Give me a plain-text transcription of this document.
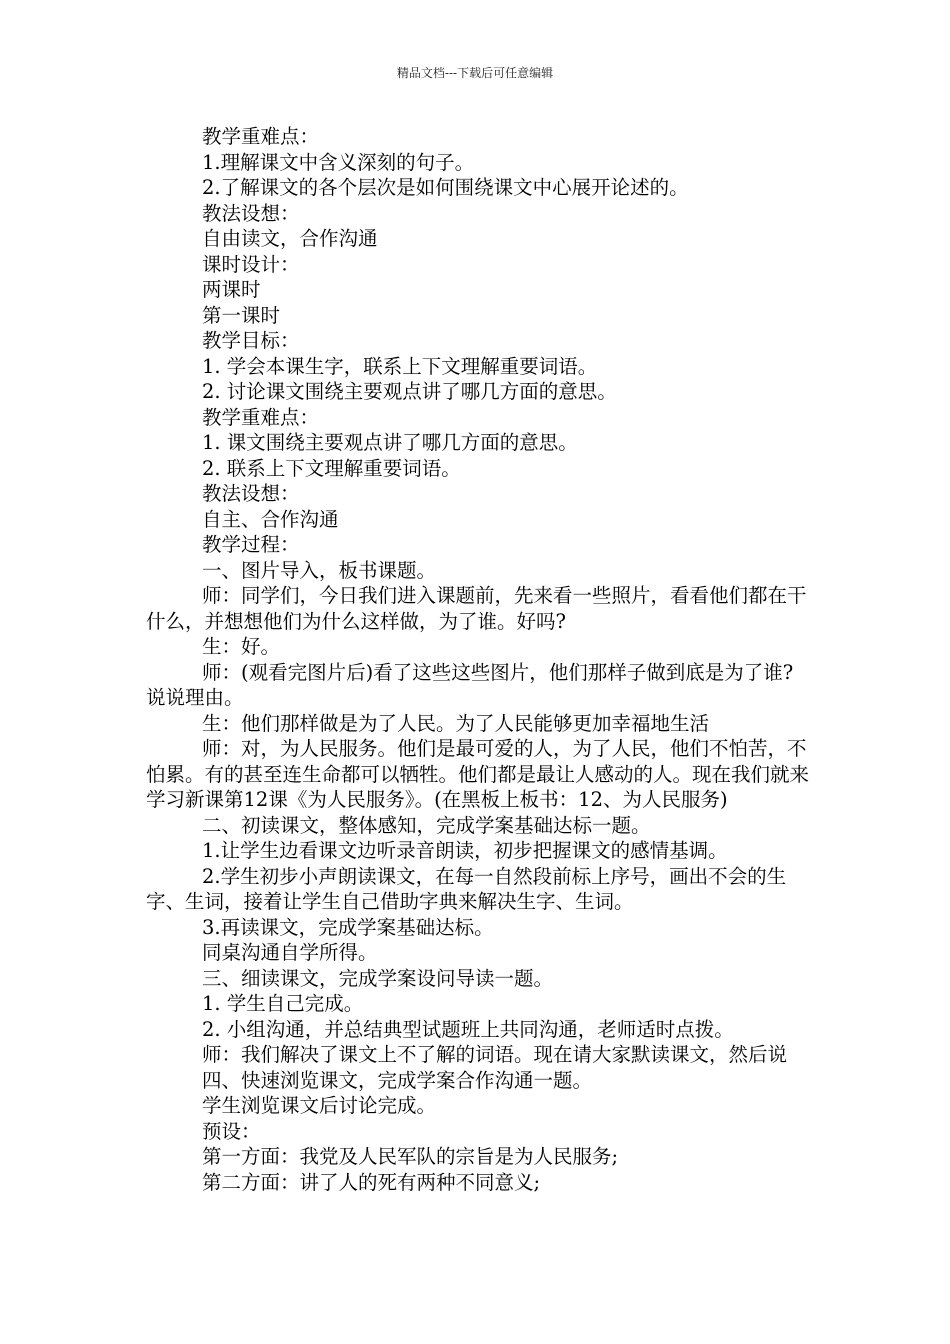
精品文档---下载后可任意编辑

教学重难点：

1.理解课文中含义深刻的句子。

2.了解课文的各个层次是如何围绕课文中心展开论述的。

教法设想：

自由读文，合作沟通

课时设计：

两课时

第一课时

教学目标：

1. 学会本课生字，联系上下文理解重要词语。

2. 讨论课文围绕主要观点讲了哪几方面的意思。

教学重难点：

1. 课文围绕主要观点讲了哪几方面的意思。

2. 联系上下文理解重要词语。

教法设想：

自主、合作沟通

教学过程：

一、图片导入，板书课题。

师：同学们，今日我们进入课题前，先来看一些照片，看看他们都在干什么，并想想他们为什么这样做，为了谁。好吗?

生：好。

师：(观看完图片后)看了这些这些图片，他们那样子做到底是为了谁?说说理由。

生：他们那样做是为了人民。为了人民能够更加幸福地生活

师：对，为人民服务。他们是最可爱的人，为了人民，他们不怕苦，不怕累。有的甚至连生命都可以牺牲。他们都是最让人感动的人。现在我们就来学习新课第12课《为人民服务》。(在黑板上板书：12、为人民服务)

二、初读课文，整体感知，完成学案基础达标一题。

1.让学生边看课文边听录音朗读，初步把握课文的感情基调。

2.学生初步小声朗读课文，在每一自然段前标上序号，画出不会的生字、生词，接着让学生自己借助字典来解决生字、生词。

3.再读课文，完成学案基础达标。

同桌沟通自学所得。

三、细读课文，完成学案设问导读一题。

1. 学生自己完成。

2. 小组沟通，并总结典型试题班上共同沟通，老师适时点拨。

师：我们解决了课文上不了解的词语。现在请大家默读课文，然后说

四、快速浏览课文，完成学案合作沟通一题。

学生浏览课文后讨论完成。

预设：

第一方面：我党及人民军队的宗旨是为人民服务;

第二方面：讲了人的死有两种不同意义;
